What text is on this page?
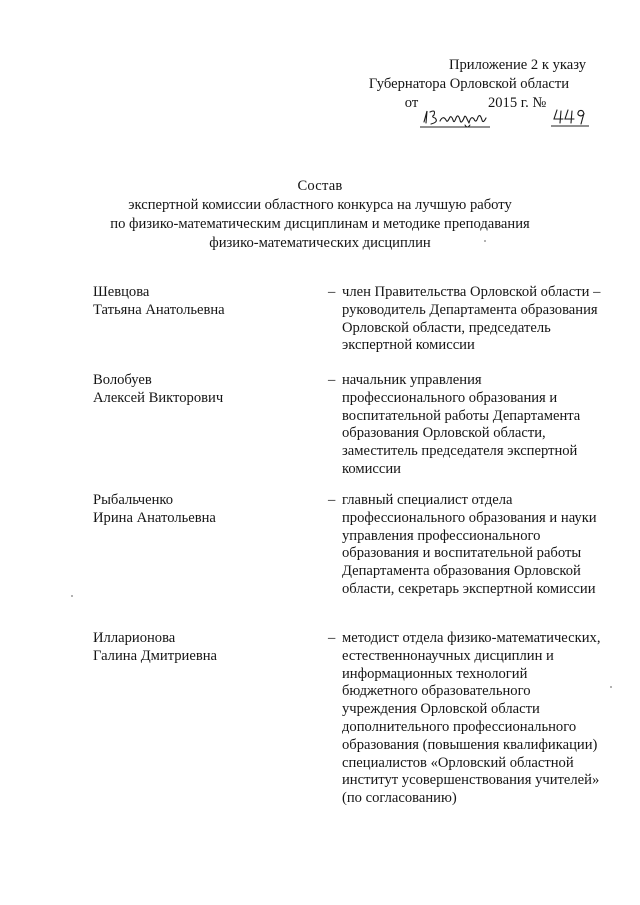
Приложение 2 к указу
Губернатора Орловской области
от	2015 г. №
Состав
экспертной комиссии областного конкурса на лучшую работу
по физико-математическим дисциплинам и методике преподавания
физико-математических дисциплин
Шевцова
Татьяна Анатольевна
– член Правительства Орловской области – руководитель Департамента образования Орловской области, председатель экспертной комиссии
Волобуев
Алексей Викторович
– начальник управления профессионального образования и воспитательной работы Департамента образования Орловской области, заместитель председателя экспертной комиссии
Рыбальченко
Ирина Анатольевна
– главный специалист отдела профессионального образования и науки управления профессионального образования и воспитательной работы Департамента образования Орловской области, секретарь экспертной комиссии
Илларионова
Галина Дмитриевна
– методист отдела физико-математических, естественнонаучных дисциплин и информационных технологий бюджетного образовательного учреждения Орловской области дополнительного профессионального образования (повышения квалификации) специалистов «Орловский областной институт усовершенствования учителей» (по согласованию)
